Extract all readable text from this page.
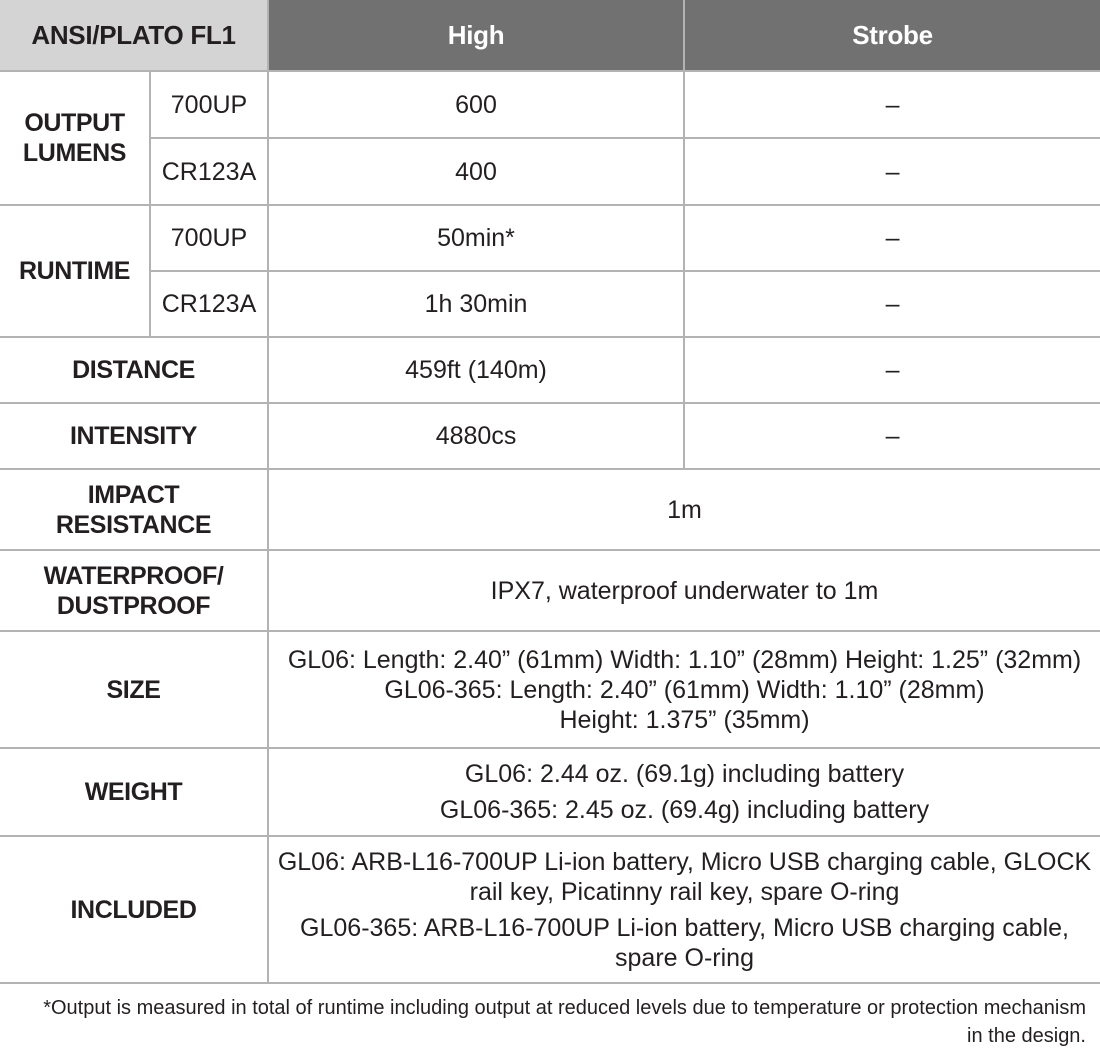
ANSI/PLATO FL1		High	Strobe
OUTPUT
LUMENS	700UP	600	–
	CR123A	400	–
RUNTIME	700UP	50min*	–
	CR123A	1h 30min	–
DISTANCE		459ft (140m)	–
INTENSITY		4880cs	–
IMPACT
RESISTANCE		1m	
WATERPROOF/
DUSTPROOF		IPX7, waterproof underwater to 1m	
SIZE		GL06: Length: 2.40” (61mm) Width: 1.10” (28mm) Height: 1.25” (32mm)
GL06-365: Length: 2.40” (61mm) Width: 1.10” (28mm)
Height: 1.375” (35mm)	

WEIGHT		GL06: 2.44 oz. (69.1g) including battery
GL06-365: 2.45 oz. (69.4g) including battery	

INCLUDED		GL06: ARB-L16-700UP Li-ion battery, Micro USB charging cable, GLOCK
rail key, Picatinny rail key, spare O-ring
GL06-365: ARB-L16-700UP Li-ion battery, Micro USB charging cable,
spare O-ring	
*Output is measured in total of runtime including output at reduced levels due to temperature or protection mechanism
in the design.
